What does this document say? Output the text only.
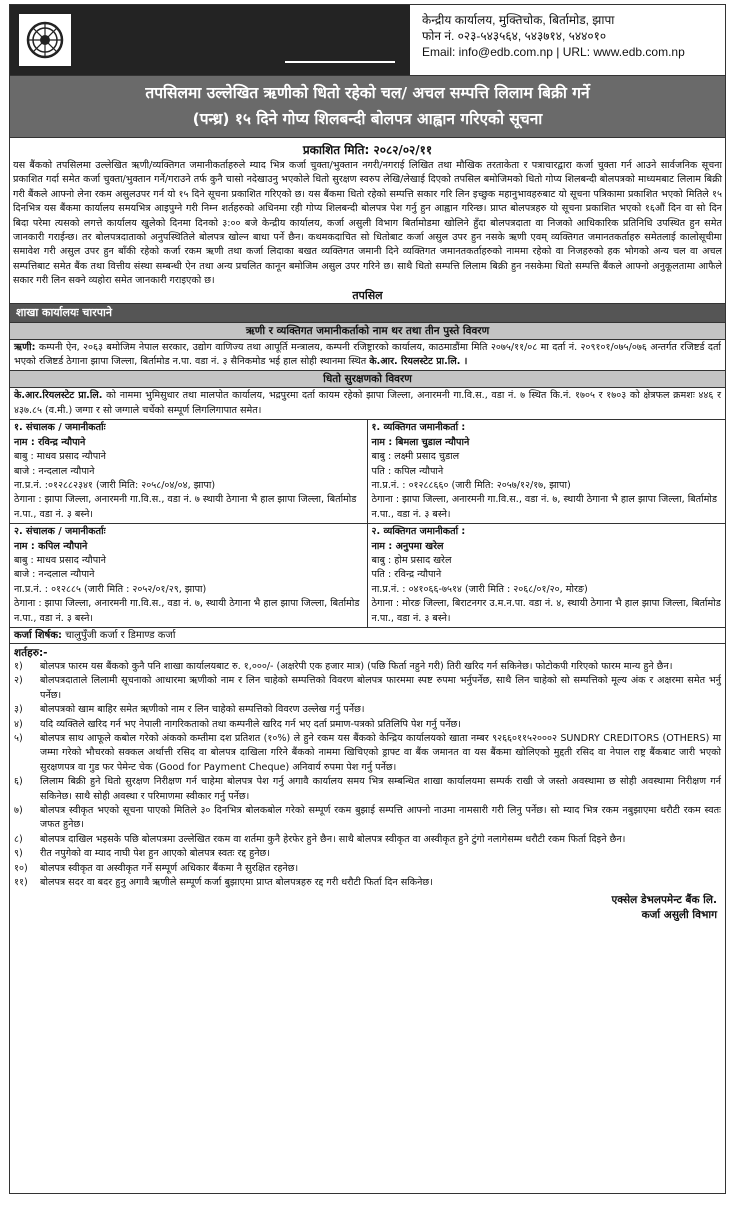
केन्द्रीय कार्यालय, मुक्तिचोक, बिर्तामोड, झापा
फोन नं. ०२३-५४३५६४, ५४३७१४, ५४४०१०
Email: info@edb.com.np | URL: www.edb.com.np
तपसिलमा उल्लेखित ऋणीको धितो रहेको चल/ अचल सम्पत्ति लिलाम बिक्री गर्ने
(पन्ध्र) १५ दिने गोप्य शिलबन्दी बोलपत्र आह्वान गरिएको सूचना
प्रकाशित मिति: २०८२/०२/११
यस बैंकको तपसिलमा उल्लेखित ऋणी/व्यक्तिगत जमानीकर्ताहरुले म्याद भित्र कर्जा चुक्ता/भुक्तान नगरी/नगराई लिखित तथा मौखिक तरताकेता र पत्राचारद्वारा कर्जा चुक्ता गर्न आउने सार्वजनिक सूचना प्रकाशित गर्दा समेत कर्जा चुक्ता/भुक्तान गर्ने/गराउने तर्फ कुनै चासो नदेखाउनु भएकोले धितो सुरक्षण स्वरुप लेखि/लेखाई दिएको तपसिल बमोजिमको धितो गोप्य शिलबन्दी बोलपत्रको माध्यमबाट लिलाम बिक्री गरी बैंकले आफ्नो लेना रकम असुलउपर गर्न यो १५ दिने सूचना प्रकाशित गरिएको छ। यस बैंकमा धितो रहेको सम्पत्ति सकार गरि लिन इच्छुक महानुभावहरुबाट यो सूचना पत्रिकामा प्रकाशित भएको मितिले १५ दिनभित्र यस बैंकमा कार्यालय समयभित्र आइपुग्ने गरी निम्न शर्तहरुको अधिनमा रही गोप्य शिलबन्दी बोलपत्र पेश गर्नु हुन आह्वान गरिन्छ। प्राप्त बोलपत्रहरु यो सूचना प्रकाशित भएको १६औं दिन वा सो दिन बिदा परेमा त्यसको लगत्ते कार्यालय खुलेको दिनमा दिनको ३:०० बजे केन्द्रीय कार्यालय, कर्जा असुली विभाग बिर्तामोडमा खोलिने हुँदा बोलपत्रदाता वा निजको आधिकारिक प्रतिनिधि उपस्थित हुन समेत जानकारी गराईन्छ। तर बोलपत्रदाताको अनुपस्थितिले बोलपत्र खोल्न बाधा पर्ने छैन। कथमकदाचित सो धितोबाट कर्जा असुल उपर हुन नसके ऋणी एवम् व्यक्तिगत जमानतकर्ताहरु समेतलाई कालोसूचीमा समावेश गरी असुल उपर हुन बाँकी रहेको कर्जा रकम ऋणी तथा कर्जा लिदाका बखत व्यक्तिगत जमानी दिने व्यक्तिगत जमानतकर्ताहरुको नाममा रहेको वा निजहरुको हक भोगको अन्य चल वा अचल सम्पत्तिबाट समेत बैंक तथा वित्तीय संस्था सम्बन्धी ऐन तथा अन्य प्रचलित कानून बमोजिम असुल उपर गरिने छ। साथै धितो सम्पत्ति लिलाम बिक्री हुन नसकेमा धितो सम्पत्ति बैंकले आफ्नो अनुकूलतामा आफैले सकार गरी लिन सक्ने व्यहोरा समेत जानकारी गराइएको छ।
तपसिल
शाखा कार्यालयः चारपाने
ऋणी र व्यक्तिगत जमानीकर्ताको नाम थर तथा तीन पुस्ते विवरण
ऋणी: कम्पनी ऐन, २०६३ बमोजिम नेपाल सरकार, उद्योग वाणिज्य तथा आपूर्ति मन्त्रालय, कम्पनी रजिष्ट्रारको कार्यालय, काठमाडौंमा मिति २०७५/११/०८ मा दर्ता नं. २०९१०१/०७५/०७६ अन्तर्गत रजिष्टर्ड दर्ता भएको रजिष्टर्ड ठेगाना झापा जिल्ला, बिर्तामोड न.पा. वडा नं. ३ सैनिकमोड भई हाल सोही स्थानमा स्थित के.आर. रियलस्टेट प्रा.लि. ।
धितो सुरक्षणको विवरण
के.आर.रियलस्टेट प्रा.लि. को नाममा भुमिसुधार तथा मालपोत कार्यालय, भद्रपुरमा दर्ता कायम रहेको झापा जिल्ला, अनारमनी गा.वि.स., वडा नं. ७ स्थित कि.नं. १७०५ र १७०३ को क्षेत्रफल क्रमशः ४४६ र ४३७.८५ (व.मी.) जग्गा र सो जग्गाले चर्चेको सम्पूर्ण लिगलिगापात समेत।
१. संचालक / जमानीकर्ताः
नाम : रविन्द्र न्यौपाने
बाबु : माधव प्रसाद न्यौपाने
बाजे : नन्दलाल न्यौपाने
ना.प्र.नं. :०१२८८२३४१ (जारी मिति: २०५८/०४/०४, झापा)
ठेगाना : झापा जिल्ला, अनारमनी गा.वि.स., वडा नं. ७ स्थायी ठेगाना भै हाल झापा जिल्ला, बिर्तामोड न.पा., वडा नं. ३ बस्ने।
१. व्यक्तिगत जमानीकर्ता :
नाम : बिमला चुडाल न्यौपाने
बाबु : लक्ष्मी प्रसाद चुडाल
पति : कपिल न्यौपाने
ना.प्र.नं. : ०१२८८६६० (जारी मिति: २०५७/१२/१७, झापा)
ठेगाना : झापा जिल्ला, अनारमनी गा.वि.स., वडा नं. ७, स्थायी ठेगाना भै हाल झापा जिल्ला, बिर्तामोड न.पा., वडा नं. ३ बस्ने।
२. संचालक / जमानीकर्ताः
नाम : कपिल न्यौपाने
बाबु : माधव प्रसाद न्यौपाने
बाजे : नन्दलाल न्यौपाने
ना.प्र.नं. : ०१२८८५ (जारी मिति : २०५२/०१/२९, झापा)
ठेगाना : झापा जिल्ला, अनारमनी गा.वि.स., वडा नं. ७, स्थायी ठेगाना भै हाल झापा जिल्ला, बिर्तामोड न.पा., वडा नं. ३ बस्ने।
२. व्यक्तिगत जमानीकर्ता :
नाम : अनुपमा खरेल
बाबु : होम प्रसाद खरेल
पति : रविन्द्र न्यौपाने
ना.प्र.नं. : ०४१०६६-७५१४ (जारी मिति : २०६८/०१/२०, मोरङ)
ठेगाना : मोरङ जिल्ला, बिराटनगर उ.म.न.पा. वडा नं. ४, स्थायी ठेगाना भै हाल झापा जिल्ला, बिर्तामोड न.पा., वडा नं. ३ बस्ने।
कर्जा शिर्षक: चालुपुँजी कर्जा र डिमाण्ड कर्जा
शर्तहरु:-
१)	बोलपत्र फारम यस बैंकको कुनै पनि शाखा कार्यालयबाट रु. १,०००/- (अक्षरेपी एक हजार मात्र) (पछि फिर्ता नहुने गरी) तिरी खरिद गर्न सकिनेछ। फोटोकपी गरिएको फारम मान्य हुने छैन।
२)	बोलपत्रदाताले लिलामी सूचनाको आधारमा ऋणीको नाम र लिन चाहेको सम्पत्तिको विवरण बोलपत्र फारममा स्पष्ट रुपमा भर्नुपर्नेछ, साथै लिन चाहेको सो सम्पत्तिको मूल्य अंक र अक्षरमा समेत भर्नु पर्नेछ।
३)	बोलपत्रको खाम बाहिर समेत ऋणीको नाम र लिन चाहेको सम्पत्तिको विवरण उल्लेख गर्नु पर्नेछ।
४)	यदि व्यक्तिले खरिद गर्न भए नेपाली नागरिकताको तथा कम्पनीले खरिद गर्न भए दर्ता प्रमाण-पत्रको प्रतिलिपि पेश गर्नु पर्नेछ।
५)	बोलपत्र साथ आफूले कबोल गरेको अंकको कम्तीमा दश प्रतिशत (१०%) ले हुने रकम यस बैंकको केन्द्रिय कार्यालयको खाता नम्बर ९२६६०११५२०००२ SUNDRY CREDITORS (OTHERS) मा जम्मा गरेको भौचरको सक्कल अर्थात्ती रसिद वा बोलपत्र दाखिला गरिने बैंकको नाममा खिचिएको ड्राफ्ट वा बैंक जमानत वा यस बैंकमा खोलिएको मुद्दती रसिद वा नेपाल राष्ट्र बैंकबाट जारी भएको सुरक्षणपत्र वा गुड फर पेमेन्ट चेक (Good for Payment Cheque) अनिवार्य रुपमा पेश गर्नु पर्नेछ।
६)	लिलाम बिक्री हुने धितो सुरक्षण निरीक्षण गर्न चाहेमा बोलपत्र पेश गर्नु अगावै कार्यालय समय भित्र सम्बन्धित शाखा कार्यालयमा सम्पर्क राखी जे जस्तो अवस्थामा छ सोही अवस्थामा निरीक्षण गर्न सकिनेछ। साथै सोही अवस्था र परिमाणमा स्वीकार गर्नु पर्नेछ।
७)	बोलपत्र स्वीकृत भएको सूचना पाएको मितिले ३० दिनभित्र बोलकबोल गरेको सम्पूर्ण रकम बुझाई सम्पत्ति आफ्नो नाउमा नामसारी गरी लिनु पर्नेछ। सो म्याद भित्र रकम नबुझाएमा धरौटी रकम स्वतः जफत हुनेछ।
८)	बोलपत्र दाखिल भइसके पछि बोलपत्रमा उल्लेखित रकम वा शर्तमा कुनै हेरफेर हुने छैन। साथै बोलपत्र स्वीकृत वा अस्वीकृत हुने टुंगो नलागेसम्म धरौटी रकम फिर्ता दिइने छैन।
९)	रीत नपुगेको वा म्याद नाघी पेश हुन आएको बोलपत्र स्वतः रद्द हुनेछ।
१०)	बोलपत्र स्वीकृत वा अस्वीकृत गर्ने सम्पूर्ण अधिकार बैंकमा नै सुरक्षित रहनेछ।
११)	बोलपत्र सदर वा बदर हुनु अगावै ऋणीले सम्पूर्ण कर्जा बुझाएमा प्राप्त बोलपत्रहरु रद्द गरी धरौटी फिर्ता दिन सकिनेछ।
एक्सेल डेभलपमेन्ट बैंक लि.
कर्जा असुली विभाग
